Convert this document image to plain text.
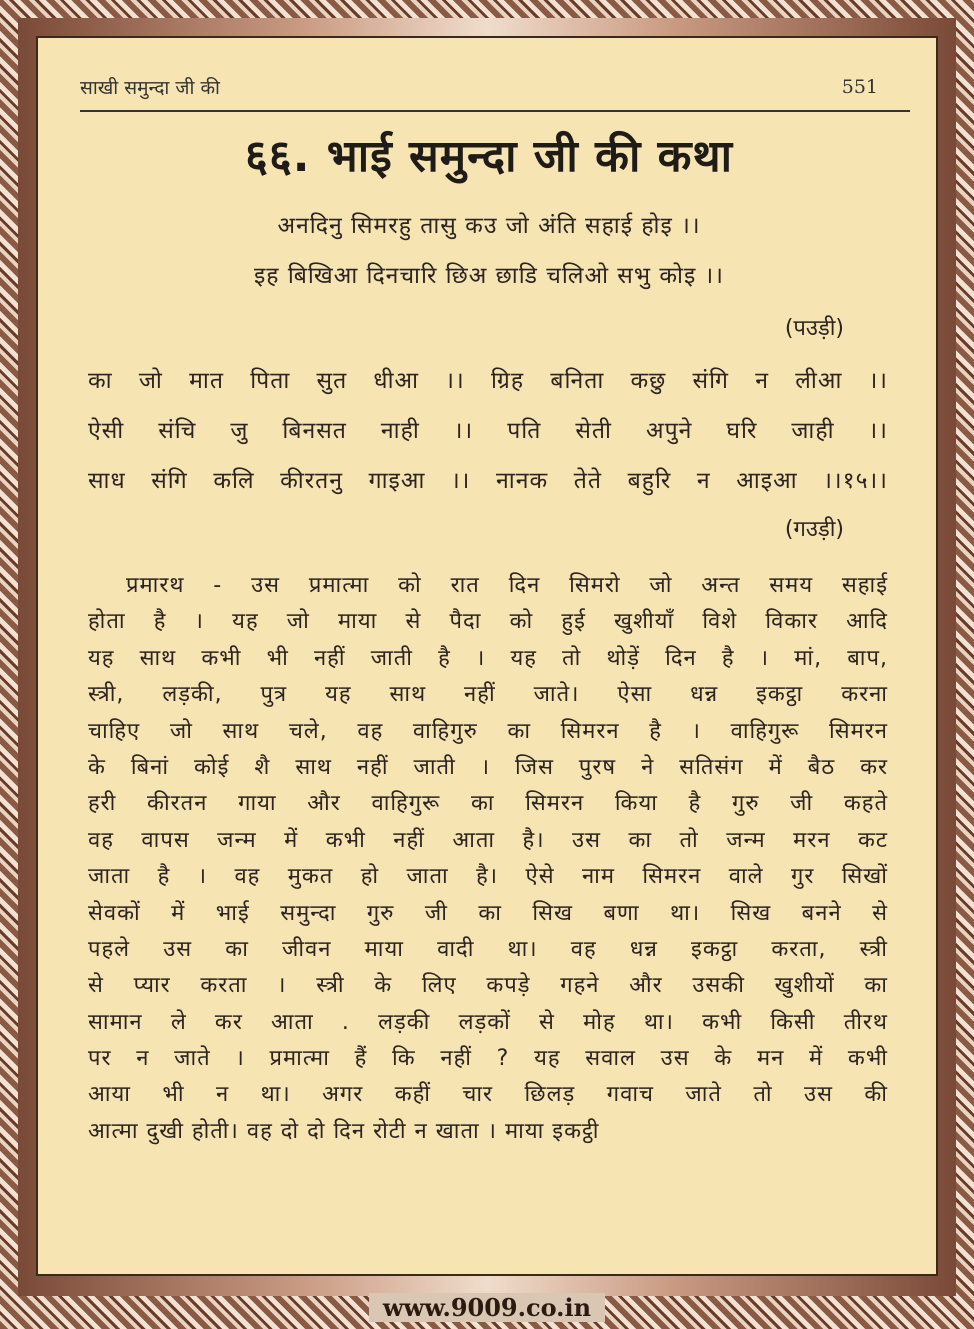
साखी समुन्दा जी की	551
६६. भाई समुन्दा जी की कथा
अनदिनु सिमरहु तासु कउ जो अंति सहाई होइ ।।
इह बिखिआ दिनचारि छिअ छाडि चलिओ सभु कोइ ।।
(पउड़ी)
का जो मात पिता सुत धीआ ।। ग्रिह बनिता कछु संगि न लीआ ।।
ऐसी संचि जु बिनसत नाही ।। पति सेती अपुने घरि जाही ।।
साध संगि कलि कीरतनु गाइआ ।। नानक तेते बहुरि न आइआ ।।१५।।
(गउड़ी)
प्रमारथ - उस प्रमात्मा को रात दिन सिमरो जो अन्त समय सहाई
होता है । यह जो माया से पैदा को हुई खुशीयाँ विशे विकार आदि
यह साथ कभी भी नहीं जाती है । यह तो थोड़ें दिन है । मां, बाप,
स्त्री, लड़की, पुत्र यह साथ नहीं जाते। ऐसा धन्न इकट्ठा करना
चाहिए जो साथ चले, वह वाहिगुरु का सिमरन है । वाहिगुरू सिमरन
के बिनां कोई शै साथ नहीं जाती । जिस पुरष ने सतिसंग में बैठ कर
हरी कीरतन गाया और वाहिगुरू का सिमरन किया है गुरु जी कहते
वह वापस जन्म में कभी नहीं आता है। उस का तो जन्म मरन कट
जाता है । वह मुकत हो जाता है। ऐसे नाम सिमरन वाले गुर सिखों
सेवकों में भाई समुन्दा गुरु जी का सिख बणा था। सिख बनने से
पहले उस का जीवन माया वादी था। वह धन्न इकट्ठा करता, स्त्री
से प्यार करता । स्त्री के लिए कपड़े गहने और उसकी खुशीयों का
सामान ले कर आता . लड़की लड़कों से मोह था। कभी किसी तीरथ
पर न जाते । प्रमात्मा हैं कि नहीं ? यह सवाल उस के मन में कभी
आया भी न था। अगर कहीं चार छिलड़ गवाच जाते तो उस की
आत्मा दुखी होती। वह दो दो दिन रोटी न खाता । माया इकट्ठी
www.9009.co.in
